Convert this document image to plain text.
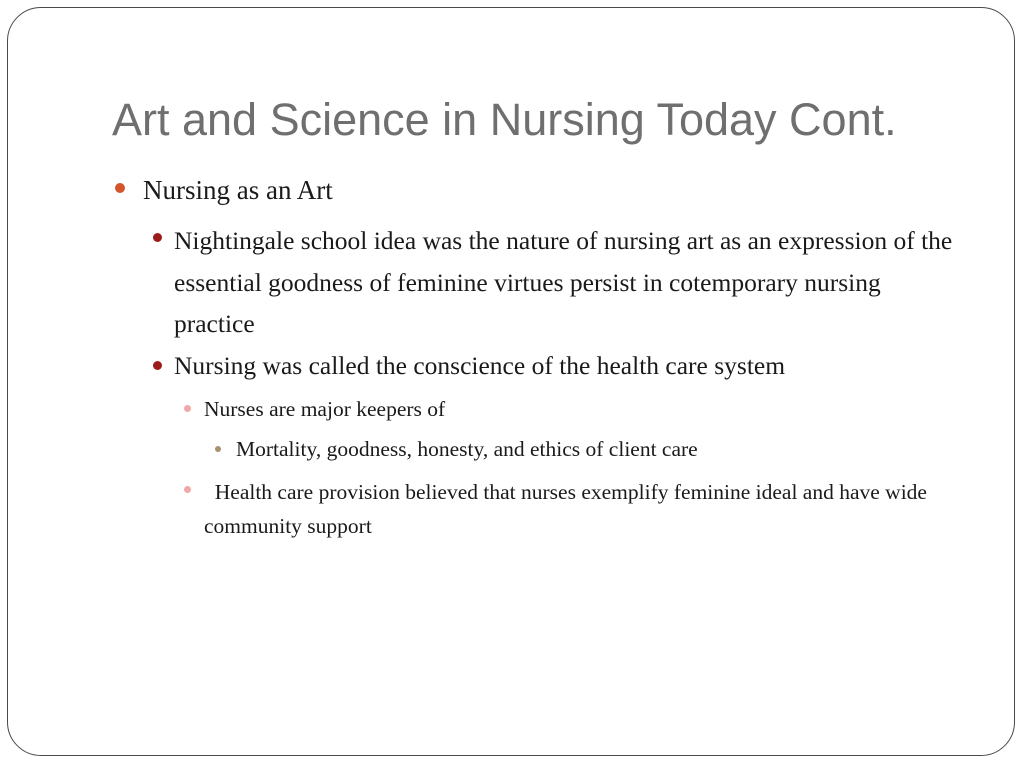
Art and Science in Nursing Today Cont.

Nursing as an Art

Nightingale school idea was the nature of nursing art as an expression of the essential goodness of feminine virtues persist in cotemporary nursing practice

Nursing was called the conscience of the health care system

Nurses are major keepers of

Mortality, goodness, honesty, and ethics of client care

Health care provision believed that nurses exemplify feminine ideal and have wide community support
